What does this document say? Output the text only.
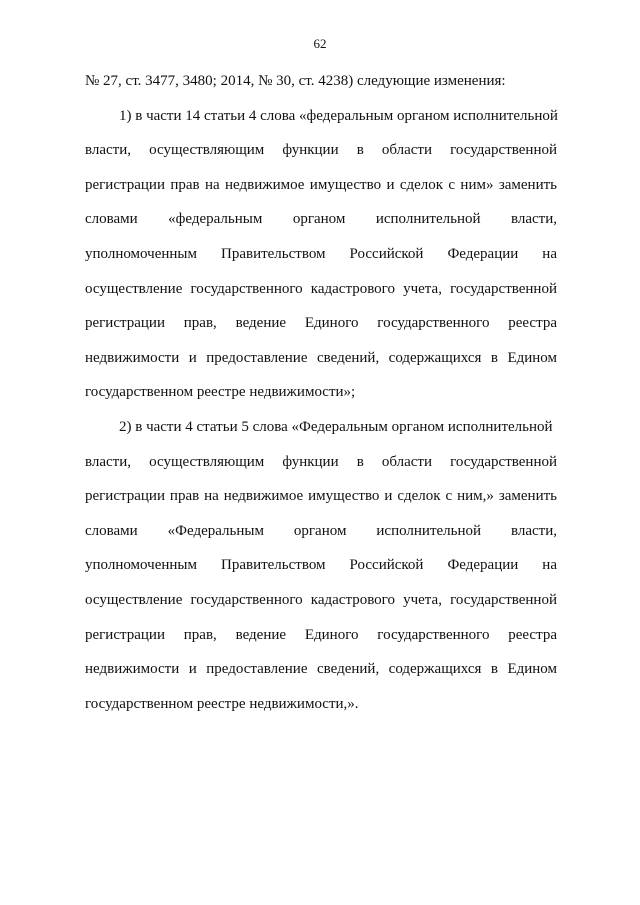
62
№ 27, ст. 3477, 3480; 2014, № 30, ст. 4238) следующие изменения:
1) в части 14 статьи 4 слова «федеральным органом исполнительной
власти, осуществляющим функции в области государственной
регистрации прав на недвижимое имущество и сделок с ним» заменить
словами «федеральным органом исполнительной власти,
уполномоченным Правительством Российской Федерации на
осуществление государственного кадастрового учета, государственной
регистрации прав, ведение Единого государственного реестра
недвижимости и предоставление сведений, содержащихся в Едином
государственном реестре недвижимости»;
2) в части 4 статьи 5 слова «Федеральным органом исполнительной
власти, осуществляющим функции в области государственной
регистрации прав на недвижимое имущество и сделок с ним,» заменить
словами «Федеральным органом исполнительной власти,
уполномоченным Правительством Российской Федерации на
осуществление государственного кадастрового учета, государственной
регистрации прав, ведение Единого государственного реестра
недвижимости и предоставление сведений, содержащихся в Едином
государственном реестре недвижимости,».
